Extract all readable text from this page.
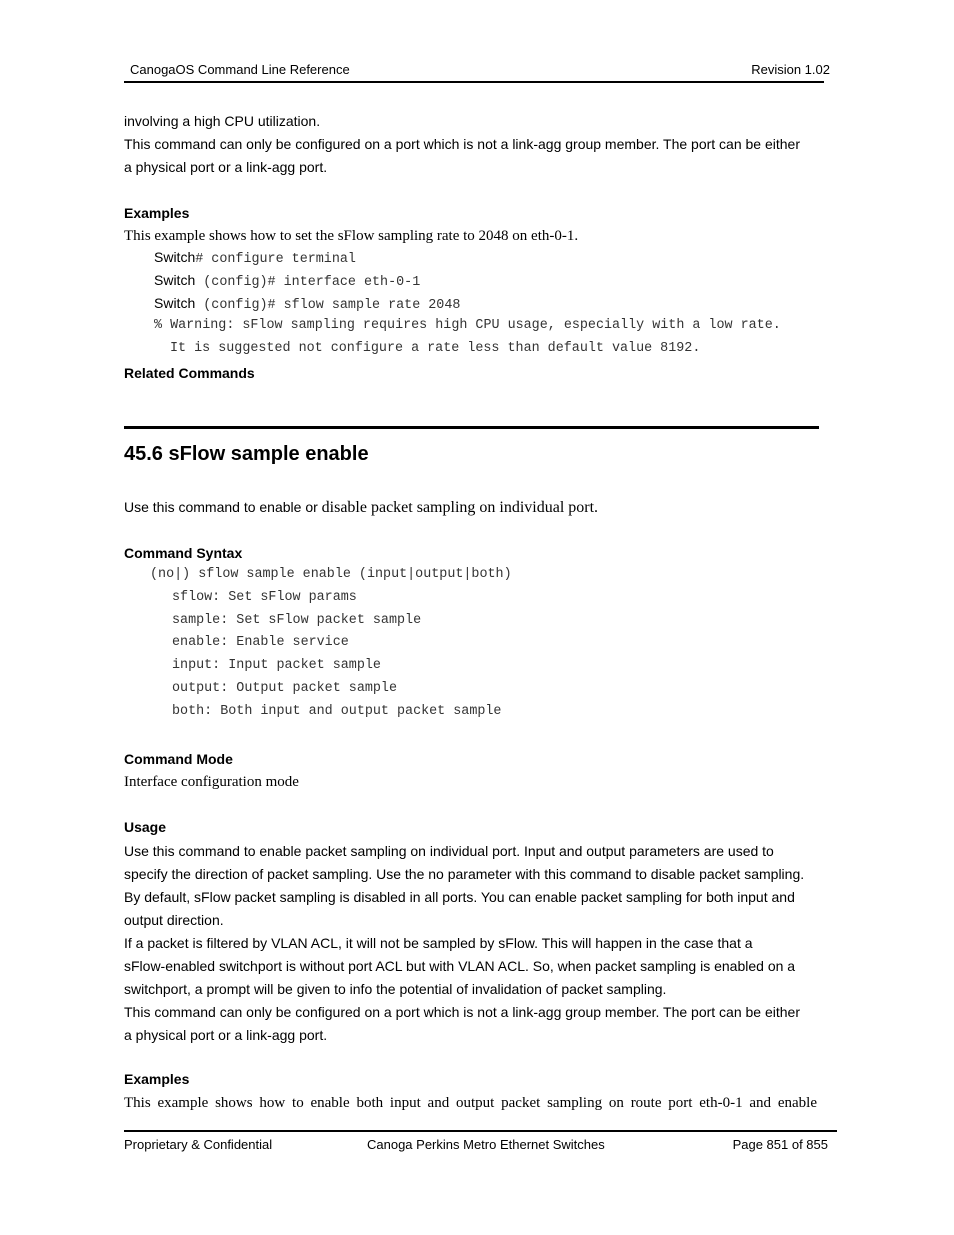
CanogaOS Command Line Reference	Revision 1.02
involving a high CPU utilization.
This command can only be configured on a port which is not a link-agg group member. The port can be either
a physical port or a link-agg port.
Examples
This example shows how to set the sFlow sampling rate to 2048 on eth-0-1.
Switch# configure terminal
Switch (config)# interface eth-0-1
Switch (config)# sflow sample rate 2048
% Warning: sFlow sampling requires high CPU usage, especially with a low rate.
It is suggested not configure a rate less than default value 8192.
Related Commands
45.6 sFlow sample enable
Use this command to enable or disable packet sampling on individual port.
Command Syntax
(no|) sflow sample enable (input|output|both)
sflow: Set sFlow params
sample: Set sFlow packet sample
enable: Enable service
input: Input packet sample
output: Output packet sample
both: Both input and output packet sample
Command Mode
Interface configuration mode
Usage
Use this command to enable packet sampling on individual port. Input and output parameters are used to
specify the direction of packet sampling. Use the no parameter with this command to disable packet sampling.
By default, sFlow packet sampling is disabled in all ports. You can enable packet sampling for both input and
output direction.
If a packet is filtered by VLAN ACL, it will not be sampled by sFlow. This will happen in the case that a
sFlow-enabled switchport is without port ACL but with VLAN ACL. So, when packet sampling is enabled on a
switchport, a prompt will be given to info the potential of invalidation of packet sampling.
This command can only be configured on a port which is not a link-agg group member. The port can be either
a physical port or a link-agg port.
Examples
This example shows how to enable both input and output packet sampling on route port eth-0-1 and enable
Proprietary & Confidential	Canoga Perkins Metro Ethernet Switches	Page 851 of 855
